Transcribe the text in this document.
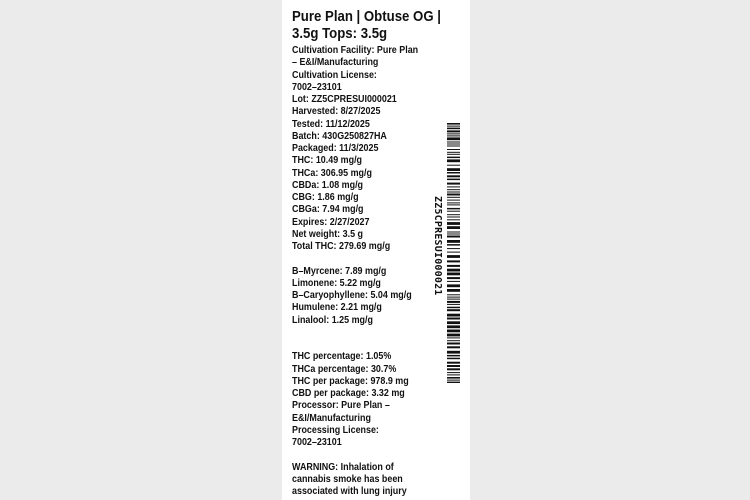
Pure Plan | Obtuse OG |
3.5g Tops: 3.5g
Cultivation Facility: Pure Plan
– E&I/Manufacturing
Cultivation License:
7002–23101
Lot: ZZ5CPRESUI000021
Harvested: 8/27/2025
Tested: 11/12/2025
Batch: 430G250827HA
Packaged: 11/3/2025
THC: 10.49 mg/g
THCa: 306.95 mg/g
CBDa: 1.08 mg/g
CBG: 1.86 mg/g
CBGa: 7.94 mg/g
Expires: 2/27/2027
Net weight: 3.5 g
Total THC: 279.69 mg/g
B–Myrcene: 7.89 mg/g
Limonene: 5.22 mg/g
B–Caryophyllene: 5.04 mg/g
Humulene: 2.21 mg/g
Linalool: 1.25 mg/g
THC percentage: 1.05%
THCa percentage: 30.7%
THC per package: 978.9 mg
CBD per package: 3.32 mg
Processor: Pure Plan –
E&I/Manufacturing
Processing License:
7002–23101
WARNING: Inhalation of
cannabis smoke has been
associated with lung injury
ZZ5CPRESUI000021
